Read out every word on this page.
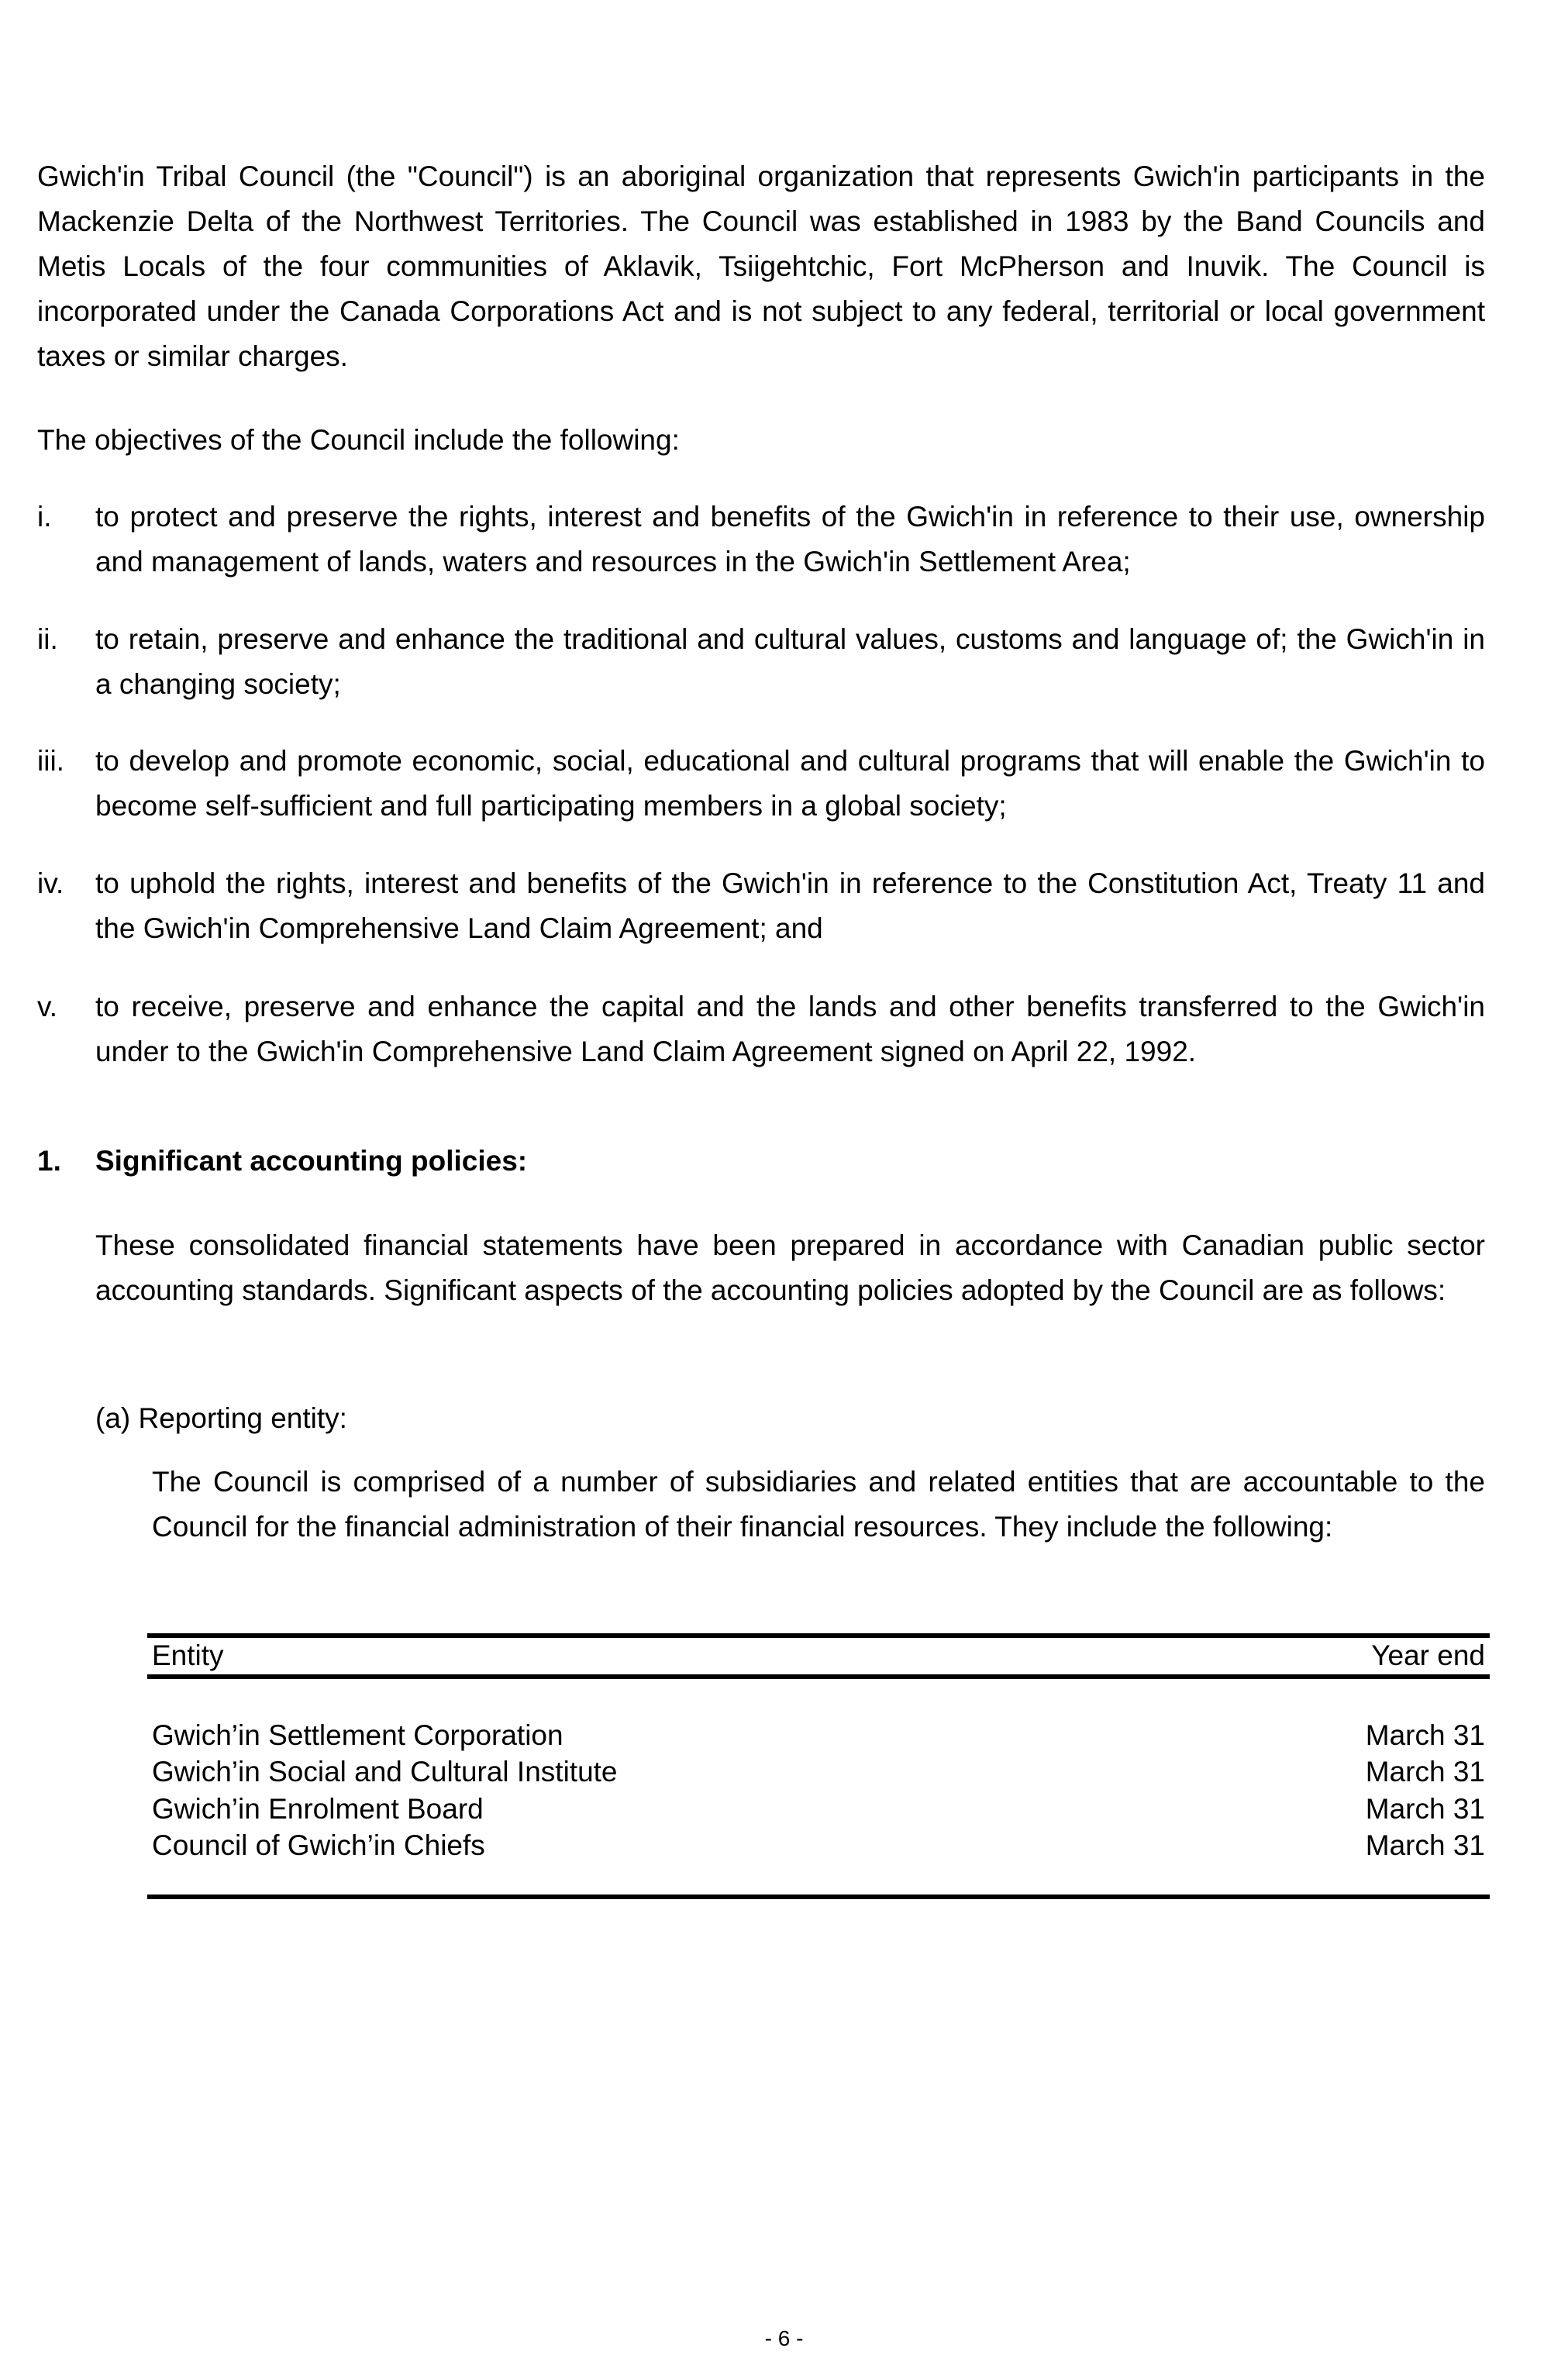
Gwich'in Tribal Council (the "Council") is an aboriginal organization that represents Gwich'in participants in the Mackenzie Delta of the Northwest Territories. The Council was established in 1983 by the Band Councils and Metis Locals of the four communities of Aklavik, Tsiigehtchic, Fort McPherson and Inuvik. The Council is incorporated under the Canada Corporations Act and is not subject to any federal, territorial or local government taxes or similar charges.
The objectives of the Council include the following:
i.	to protect and preserve the rights, interest and benefits of the Gwich'in in reference to their use, ownership and management of lands, waters and resources in the Gwich'in Settlement Area;
ii.	to retain, preserve and enhance the traditional and cultural values, customs and language of; the Gwich'in in a changing society;
iii. to develop and promote economic, social, educational and cultural programs that will enable the Gwich'in to become self-sufficient and full participating members in a global society;
iv. to uphold the rights, interest and benefits of the Gwich'in in reference to the Constitution Act, Treaty 11 and the Gwich'in Comprehensive Land Claim Agreement; and
v.	to receive, preserve and enhance the capital and the lands and other benefits transferred to the Gwich'in under to the Gwich'in Comprehensive Land Claim Agreement signed on April 22, 1992.
1. Significant accounting policies:
These consolidated financial statements have been prepared in accordance with Canadian public sector accounting standards. Significant aspects of the accounting policies adopted by the Council are as follows:
(a) Reporting entity:
The Council is comprised of a number of subsidiaries and related entities that are accountable to the Council for the financial administration of their financial resources. They include the following:
Entity	Year end
Gwich’in Settlement Corporation	March 31
Gwich’in Social and Cultural Institute	March 31
Gwich’in Enrolment Board	March 31
Council of Gwich’in Chiefs	March 31
- 6 -
